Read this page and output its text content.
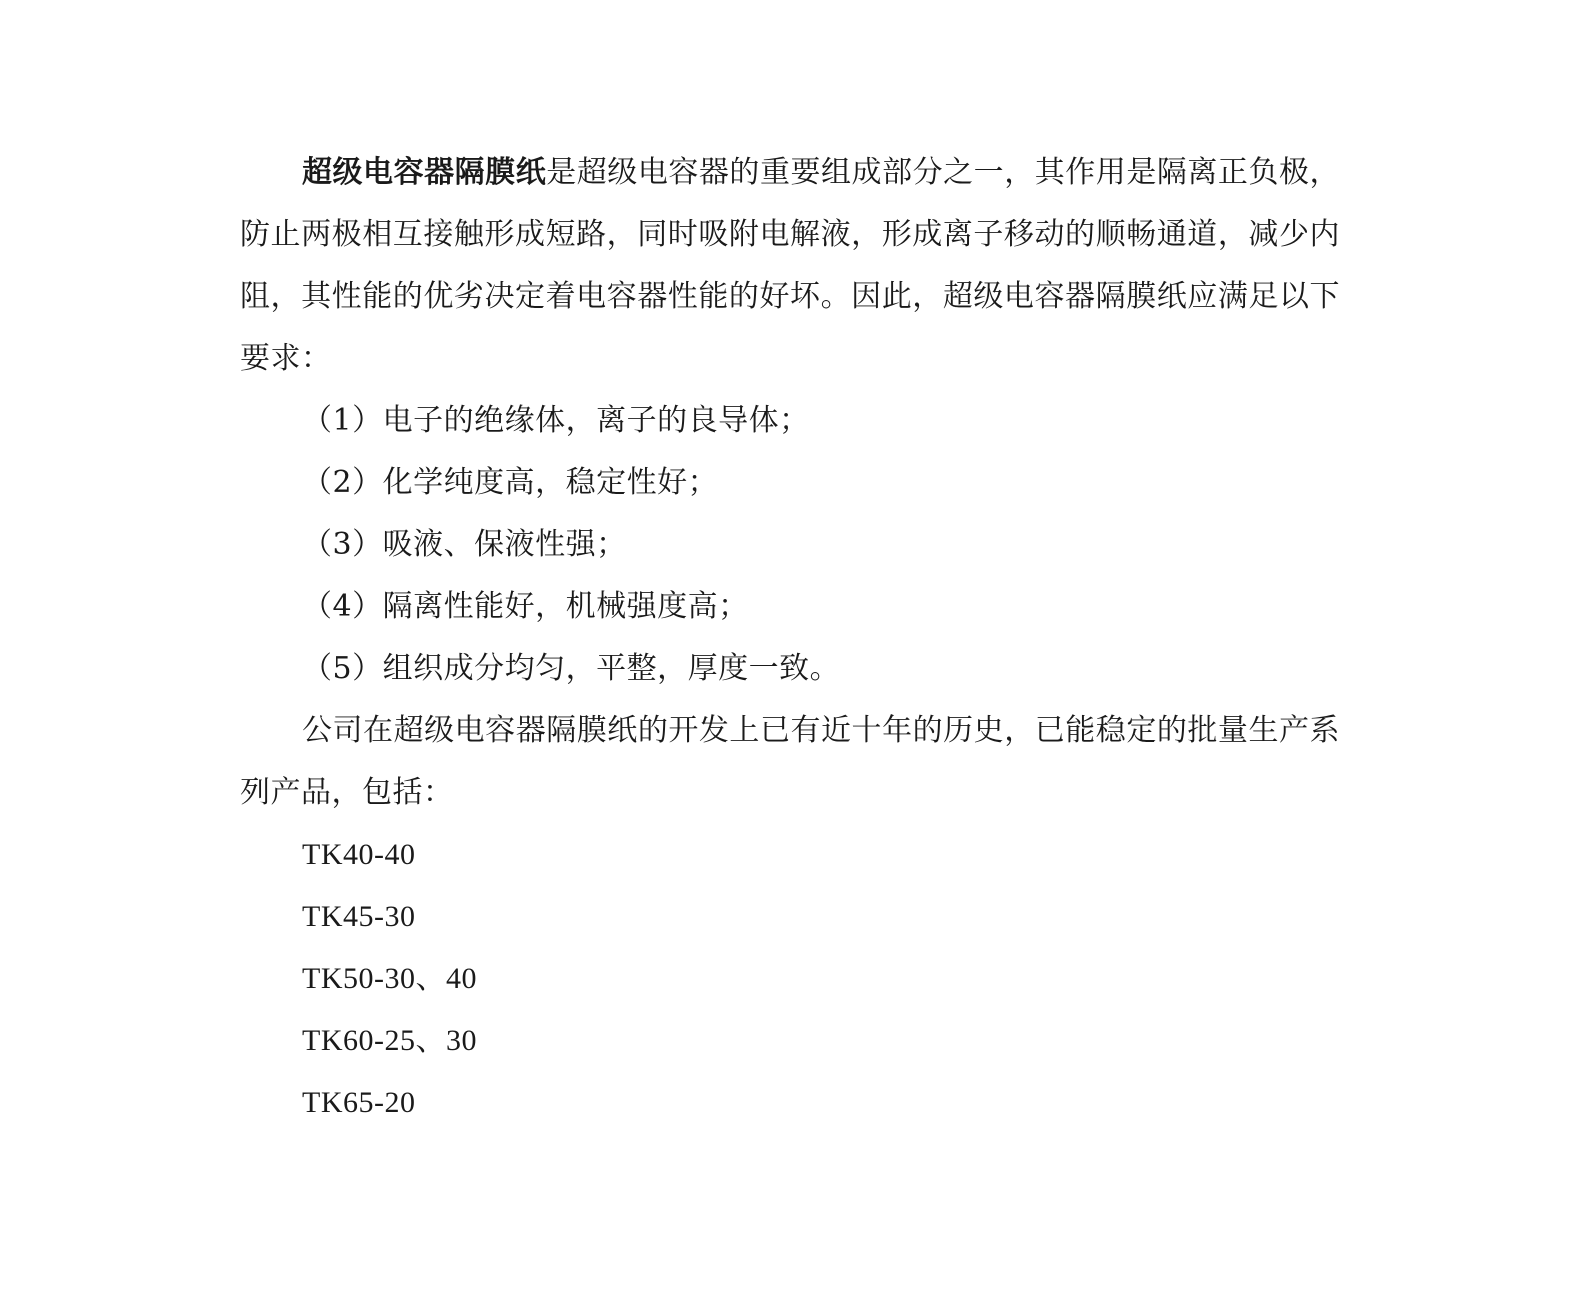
超级电容器隔膜纸是超级电容器的重要组成部分之一，其作用是隔离正负极，防止两极相互接触形成短路，同时吸附电解液，形成离子移动的顺畅通道，减少内阻，其性能的优劣决定着电容器性能的好坏。因此，超级电容器隔膜纸应满足以下要求：

（1）电子的绝缘体，离子的良导体；
（2）化学纯度高，稳定性好；
（3）吸液、保液性强；
（4）隔离性能好，机械强度高；
（5）组织成分均匀，平整，厚度一致。

公司在超级电容器隔膜纸的开发上已有近十年的历史，已能稳定的批量生产系列产品，包括：

TK40-40
TK45-30
TK50-30、40
TK60-25、30
TK65-20
